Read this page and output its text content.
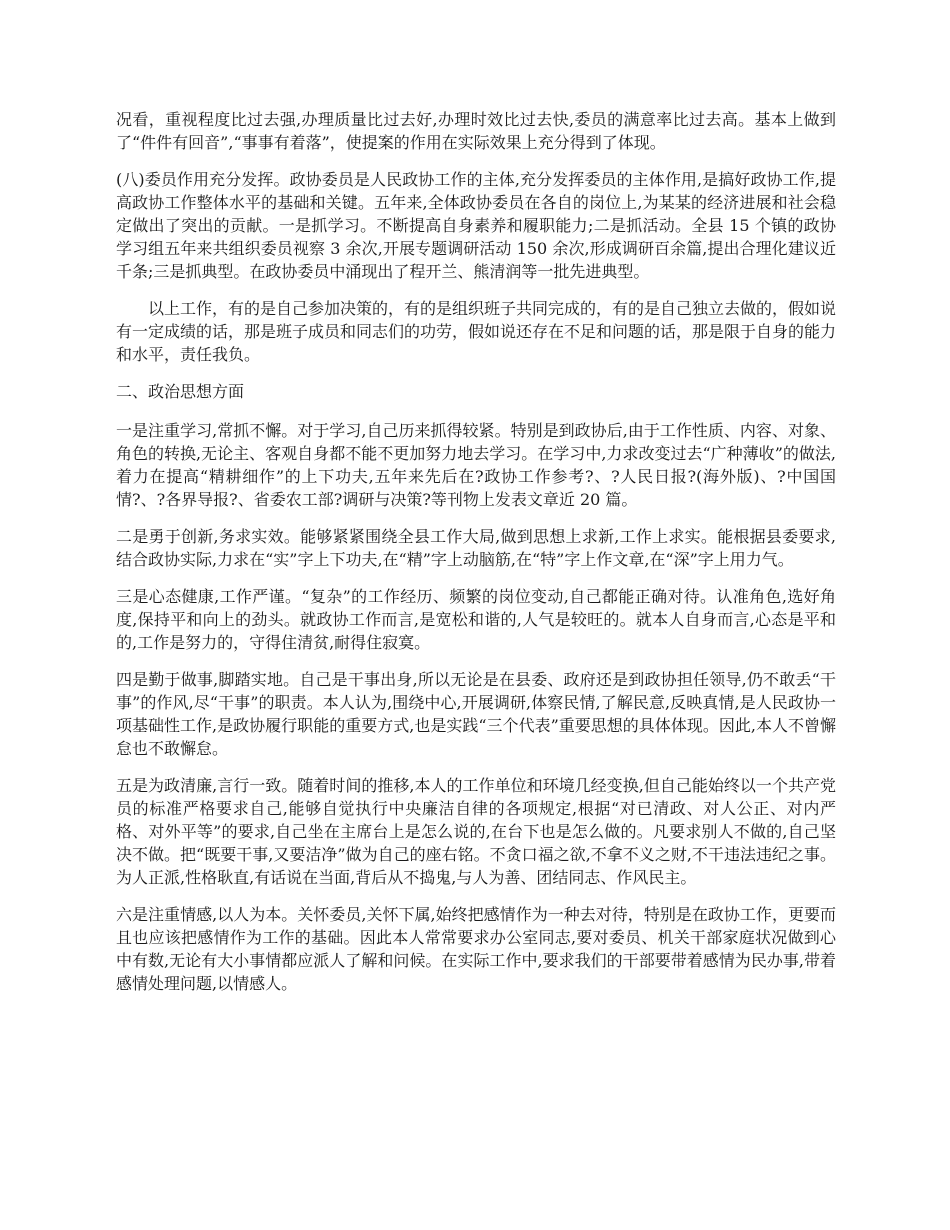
况看，重视程度比过去强,办理质量比过去好,办理时效比过去快,委员的满意率比过去高。基本上做到了“件件有回音”,“事事有着落”，使提案的作用在实际效果上充分得到了体现。

(八)委员作用充分发挥。政协委员是人民政协工作的主体,充分发挥委员的主体作用,是搞好政协工作,提高政协工作整体水平的基础和关键。五年来,全体政协委员在各自的岗位上,为某某的经济进展和社会稳定做出了突出的贡献。一是抓学习。不断提高自身素养和履职能力;二是抓活动。全县 15 个镇的政协学习组五年来共组织委员视察 3 余次,开展专题调研活动 150 余次,形成调研百余篇,提出合理化建议近千条;三是抓典型。在政协委员中涌现出了程开兰、熊清润等一批先进典型。

以上工作，有的是自己参加决策的，有的是组织班子共同完成的，有的是自己独立去做的，假如说有一定成绩的话，那是班子成员和同志们的功劳，假如说还存在不足和问题的话，那是限于自身的能力和水平，责任我负。

二、政治思想方面

一是注重学习,常抓不懈。对于学习,自己历来抓得较紧。特别是到政协后,由于工作性质、内容、对象、角色的转换,无论主、客观自身都不能不更加努力地去学习。在学习中,力求改变过去“广种薄收”的做法,着力在提高“精耕细作”的上下功夫,五年来先后在?政协工作参考?、?人民日报?(海外版)、?中国国情?、?各界导报?、省委农工部?调研与决策?等刊物上发表文章近 20 篇。

二是勇于创新,务求实效。能够紧紧围绕全县工作大局,做到思想上求新,工作上求实。能根据县委要求,结合政协实际,力求在“实”字上下功夫,在“精”字上动脑筋,在“特”字上作文章,在“深”字上用力气。

三是心态健康,工作严谨。“复杂”的工作经历、频繁的岗位变动,自己都能正确对待。认准角色,选好角度,保持平和向上的劲头。就政协工作而言,是宽松和谐的,人气是较旺的。就本人自身而言,心态是平和的,工作是努力的，守得住清贫,耐得住寂寞。

四是勤于做事,脚踏实地。自己是干事出身,所以无论是在县委、政府还是到政协担任领导,仍不敢丢“干事”的作风,尽“干事”的职责。本人认为,围绕中心,开展调研,体察民情,了解民意,反映真情,是人民政协一项基础性工作,是政协履行职能的重要方式,也是实践“三个代表”重要思想的具体体现。因此,本人不曾懈怠也不敢懈怠。

五是为政清廉,言行一致。随着时间的推移,本人的工作单位和环境几经变换,但自己能始终以一个共产党员的标准严格要求自己,能够自觉执行中央廉洁自律的各项规定,根据“对已清政、对人公正、对内严格、对外平等”的要求,自己坐在主席台上是怎么说的,在台下也是怎么做的。凡要求别人不做的,自己坚决不做。把“既要干事,又要洁净”做为自己的座右铭。不贪口福之欲,不拿不义之财,不干违法违纪之事。为人正派,性格耿直,有话说在当面,背后从不捣鬼,与人为善、团结同志、作风民主。

六是注重情感,以人为本。关怀委员,关怀下属,始终把感情作为一种去对待，特别是在政协工作，更要而且也应该把感情作为工作的基础。因此本人常常要求办公室同志,要对委员、机关干部家庭状况做到心中有数,无论有大小事情都应派人了解和问候。在实际工作中,要求我们的干部要带着感情为民办事,带着感情处理问题,以情感人。
